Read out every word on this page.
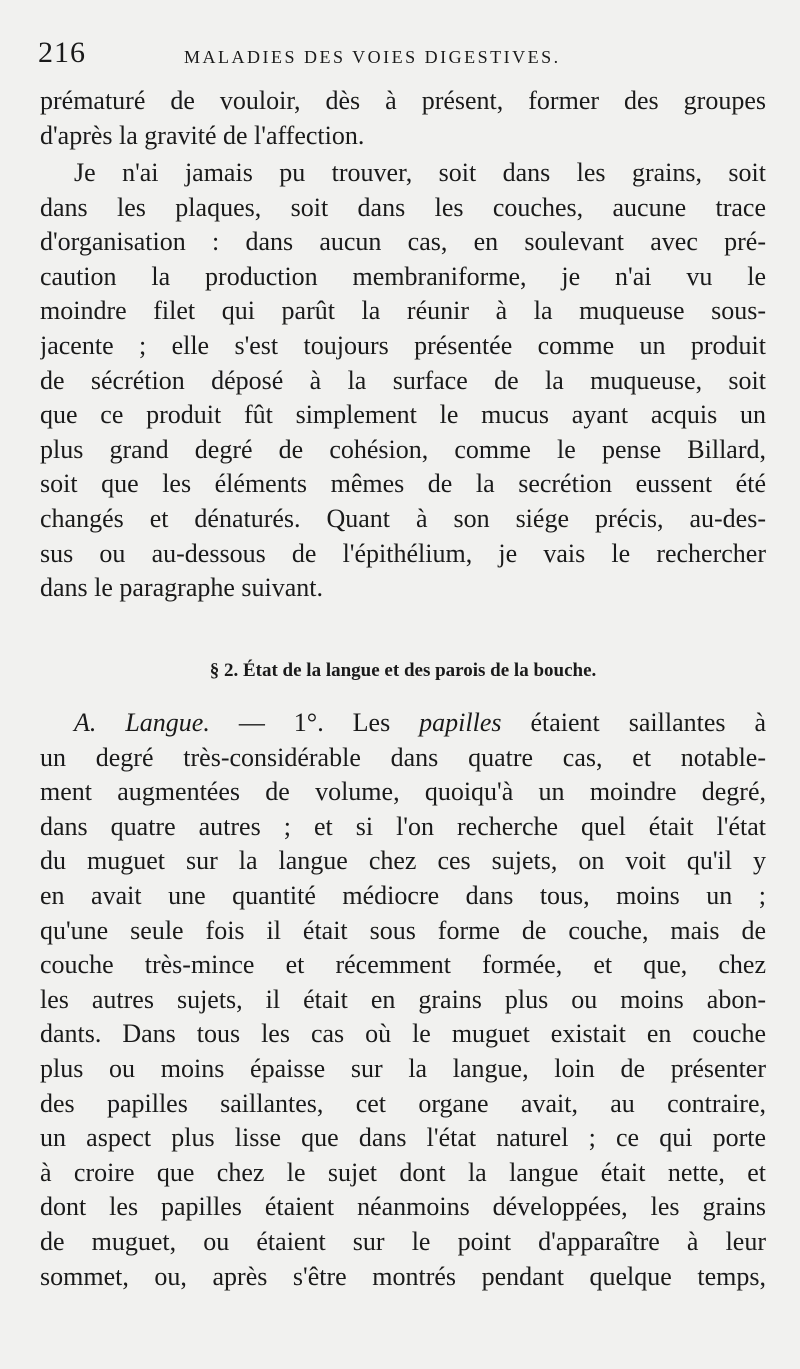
216	MALADIES DES VOIES DIGESTIVES.
prématuré de vouloir, dès à présent, former des groupes
d'après la gravité de l'affection.
Je n'ai jamais pu trouver, soit dans les grains, soit
dans les plaques, soit dans les couches, aucune trace
d'organisation : dans aucun cas, en soulevant avec pré-
caution la production membraniforme, je n'ai vu le
moindre filet qui parût la réunir à la muqueuse sous-
jacente ; elle s'est toujours présentée comme un produit
de sécrétion déposé à la surface de la muqueuse, soit
que ce produit fût simplement le mucus ayant acquis un
plus grand degré de cohésion, comme le pense Billard,
soit que les éléments mêmes de la secrétion eussent été
changés et dénaturés. Quant à son siége précis, au-des-
sus ou au-dessous de l'épithélium, je vais le rechercher
dans le paragraphe suivant.
§ 2. État de la langue et des parois de la bouche.
A. Langue. — 1°. Les papilles étaient saillantes à
un degré très-considérable dans quatre cas, et notable-
ment augmentées de volume, quoiqu'à un moindre degré,
dans quatre autres ; et si l'on recherche quel était l'état
du muguet sur la langue chez ces sujets, on voit qu'il y
en avait une quantité médiocre dans tous, moins un ;
qu'une seule fois il était sous forme de couche, mais de
couche très-mince et récemment formée, et que, chez
les autres sujets, il était en grains plus ou moins abon-
dants. Dans tous les cas où le muguet existait en couche
plus ou moins épaisse sur la langue, loin de présenter
des papilles saillantes, cet organe avait, au contraire,
un aspect plus lisse que dans l'état naturel ; ce qui porte
à croire que chez le sujet dont la langue était nette, et
dont les papilles étaient néanmoins développées, les grains
de muguet, ou étaient sur le point d'apparaître à leur
sommet, ou, après s'être montrés pendant quelque temps,
